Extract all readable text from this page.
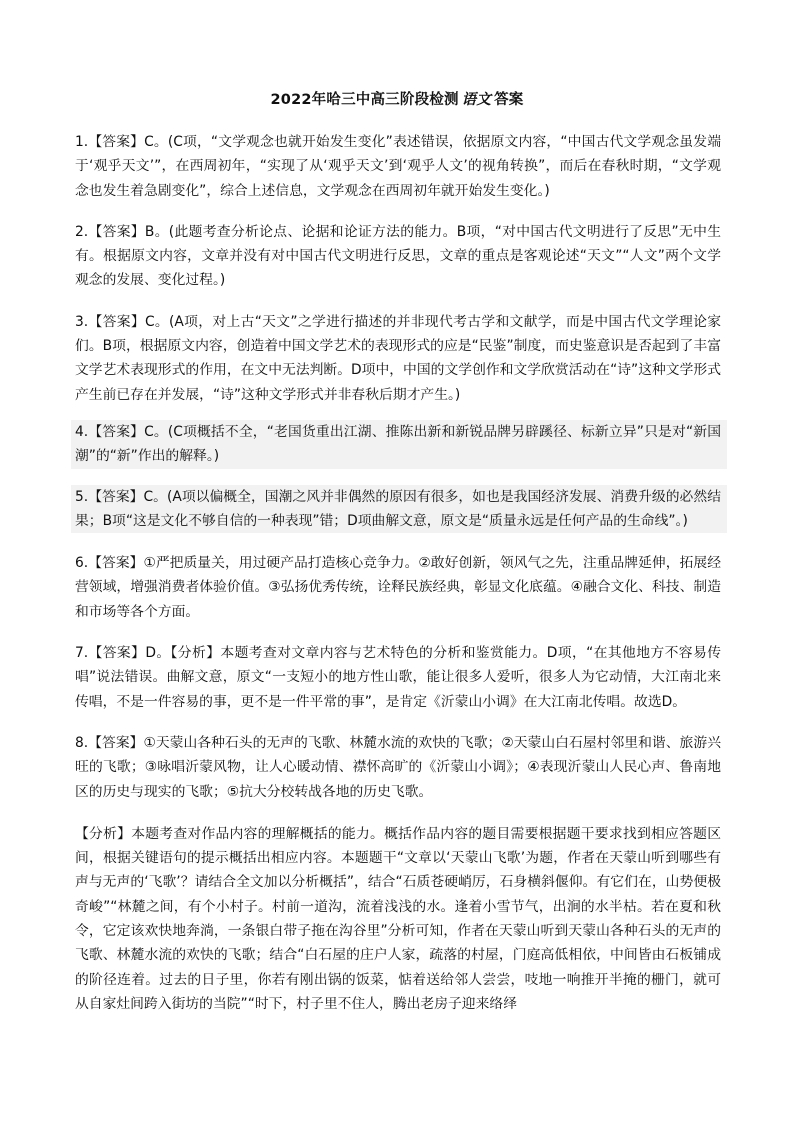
2022年哈三中高三阶段检测 语文 答案

1.【答案】C。(C项，“文学观念也就开始发生变化”表述错误，依据原文内容，“中国古代文学观念虽发端于‘观乎天文’”，在西周初年，“实现了从‘观乎天文’到‘观乎人文’的视角转换”，而后在春秋时期，“文学观念也发生着急剧变化”，综合上述信息，文学观念在西周初年就开始发生变化。)

2.【答案】B。(此题考查分析论点、论据和论证方法的能力。B项，“对中国古代文明进行了反思”无中生有。根据原文内容，文章并没有对中国古代文明进行反思，文章的重点是客观论述“天文”“人文”两个文学观念的发展、变化过程。)

3.【答案】C。(A项，对上古“天文”之学进行描述的并非现代考古学和文献学，而是中国古代文学理论家们。B项，根据原文内容，创造着中国文学艺术的表现形式的应是“民鉴”制度，而史鉴意识是否起到了丰富文学艺术表现形式的作用，在文中无法判断。D项中，中国的文学创作和文学欣赏活动在“诗”这种文学形式产生前已存在并发展，“诗”这种文学形式并非春秋后期才产生。)

4.【答案】C。(C项概括不全，“老国货重出江湖、推陈出新和新锐品牌另辟蹊径、标新立异”只是对“新国潮”的“新”作出的解释。)

5.【答案】C。(A项以偏概全，国潮之风并非偶然的原因有很多，如也是我国经济发展、消费升级的必然结果；B项“这是文化不够自信的一种表现”错；D项曲解文意，原文是“质量永远是任何产品的生命线”。)

6.【答案】①严把质量关，用过硬产品打造核心竞争力。②敢好创新，领风气之先，注重品牌延伸，拓展经营领域，增强消费者体验价值。③弘扬优秀传统，诠释民族经典，彰显文化底蕴。④融合文化、科技、制造和市场等各个方面。

7.【答案】D。【分析】本题考查对文章内容与艺术特色的分析和鉴赏能力。D项，“在其他地方不容易传唱”说法错误。曲解文意，原文“一支短小的地方性山歌，能让很多人爱听，很多人为它动情，大江南北来传唱，不是一件容易的事，更不是一件平常的事”，是肯定《沂蒙山小调》在大江南北传唱。故选D。

8.【答案】①天蒙山各种石头的无声的飞歌、林麓水流的欢快的飞歌；②天蒙山白石屋村邻里和谐、旅游兴旺的飞歌；③咏唱沂蒙风物，让人心暖动情、襟怀高旷的《沂蒙山小调》；④表现沂蒙山人民心声、鲁南地区的历史与现实的飞歌；⑤抗大分校转战各地的历史飞歌。

【分析】本题考查对作品内容的理解概括的能力。概括作品内容的题目需要根据题干要求找到相应答题区间，根据关键语句的提示概括出相应内容。本题题干“文章以‘天蒙山飞歌’为题，作者在天蒙山听到哪些有声与无声的‘飞歌’？请结合全文加以分析概括”，结合“石质苍硬峭厉，石身横斜偃仰。有它们在，山势便极奇峻”“林麓之间，有个小村子。村前一道沟，流着浅浅的水。逢着小雪节气，出涧的水半枯。若在夏和秋令，它定该欢快地奔淌，一条银白带子拖在沟谷里”分析可知，作者在天蒙山听到天蒙山各种石头的无声的飞歌、林麓水流的欢快的飞歌；结合“白石屋的庄户人家，疏落的村屋，门庭高低相依，中间皆由石板铺成的阶径连着。过去的日子里，你若有刚出锅的饭菜，惦着送给邻人尝尝，吱地一响推开半掩的栅门，就可从自家灶间跨入街坊的当院”“时下，村子里不住人，腾出老房子迎来络绎
